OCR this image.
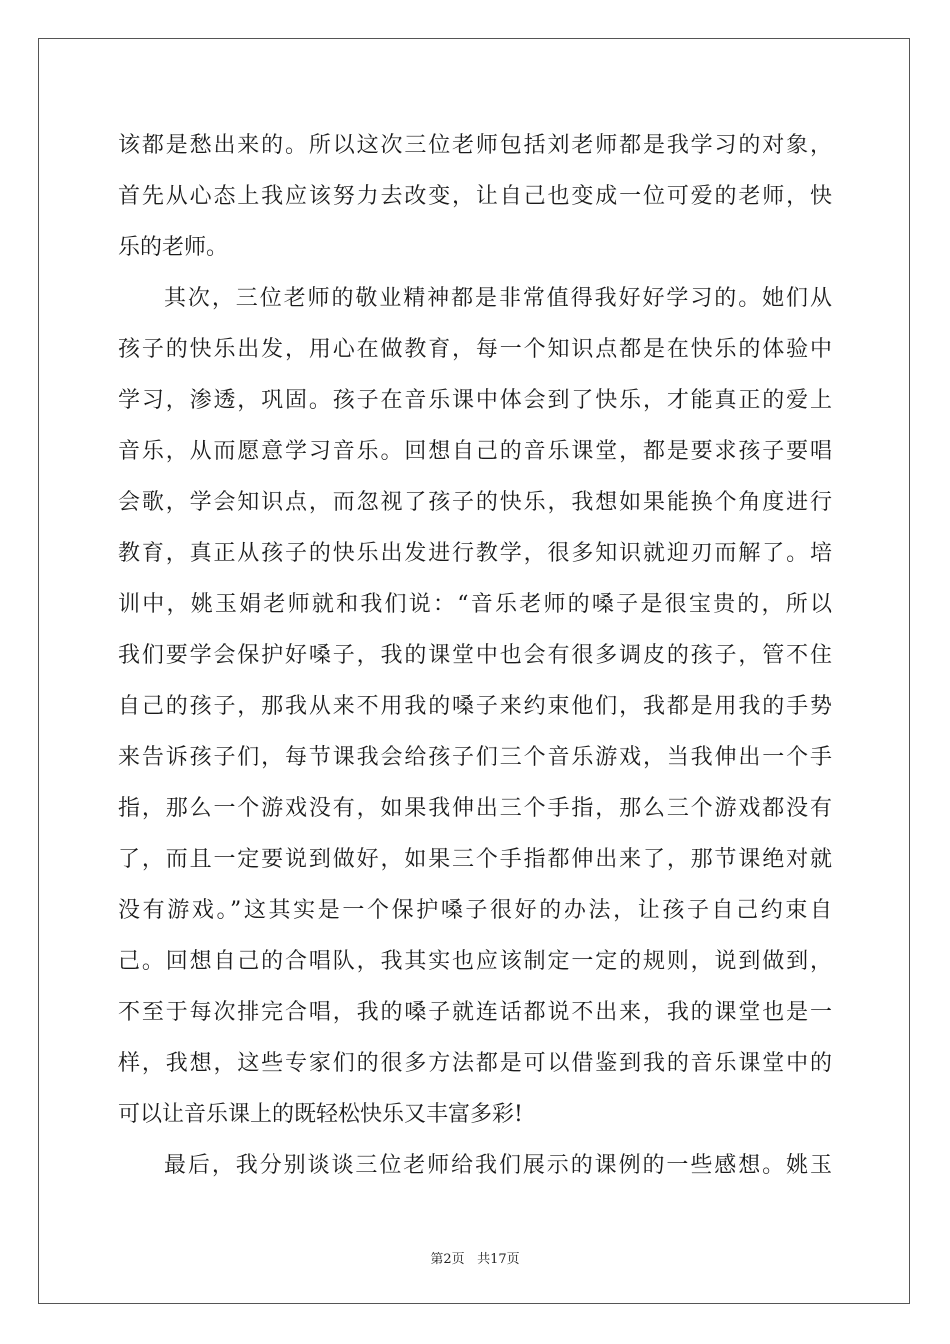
该都是愁出来的。所以这次三位老师包括刘老师都是我学习的对象，

首先从心态上我应该努力去改变，让自己也变成一位可爱的老师，快

乐的老师。

其次，三位老师的敬业精神都是非常值得我好好学习的。她们从

孩子的快乐出发，用心在做教育，每一个知识点都是在快乐的体验中

学习，渗透，巩固。孩子在音乐课中体会到了快乐，才能真正的爱上

音乐，从而愿意学习音乐。回想自己的音乐课堂，都是要求孩子要唱

会歌，学会知识点，而忽视了孩子的快乐，我想如果能换个角度进行

教育，真正从孩子的快乐出发进行教学，很多知识就迎刃而解了。培

训中，姚玉娟老师就和我们说：“音乐老师的嗓子是很宝贵的，所以

我们要学会保护好嗓子，我的课堂中也会有很多调皮的孩子，管不住

自己的孩子，那我从来不用我的嗓子来约束他们，我都是用我的手势

来告诉孩子们，每节课我会给孩子们三个音乐游戏，当我伸出一个手

指，那么一个游戏没有，如果我伸出三个手指，那么三个游戏都没有

了，而且一定要说到做好，如果三个手指都伸出来了，那节课绝对就

没有游戏。”这其实是一个保护嗓子很好的办法，让孩子自己约束自

己。回想自己的合唱队，我其实也应该制定一定的规则，说到做到，

不至于每次排完合唱，我的嗓子就连话都说不出来，我的课堂也是一

样，我想，这些专家们的很多方法都是可以借鉴到我的音乐课堂中的

可以让音乐课上的既轻松快乐又丰富多彩!

最后，我分别谈谈三位老师给我们展示的课例的一些感想。姚玉

第2页 共17页
